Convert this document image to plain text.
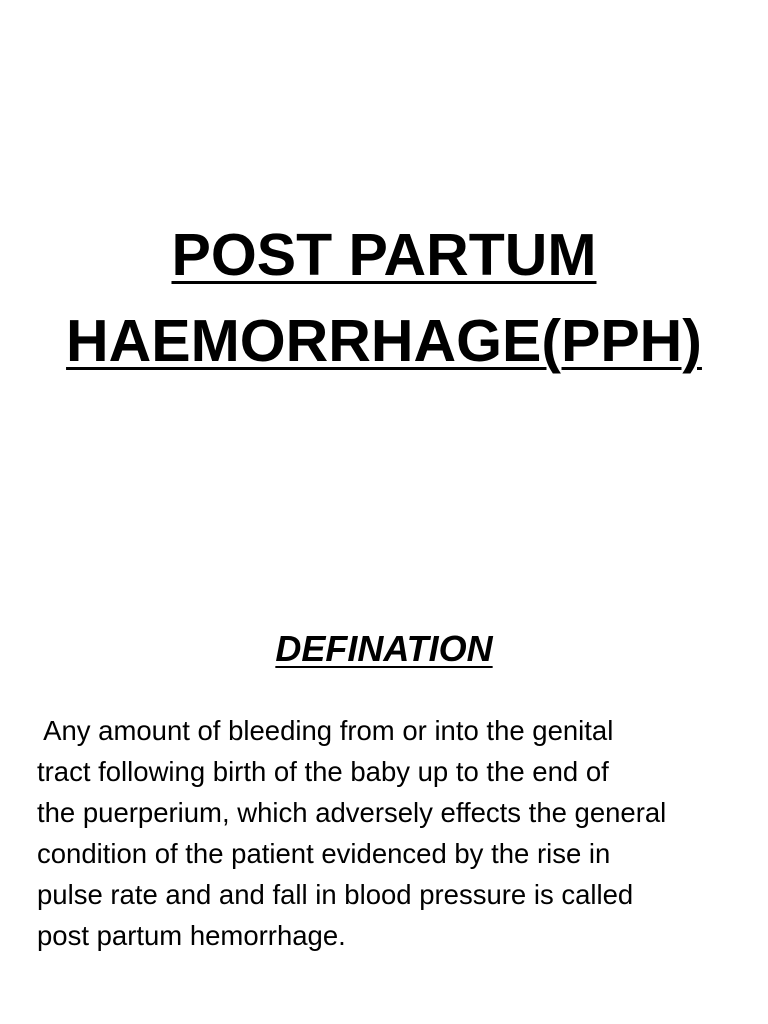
POST PARTUM
HAEMORRHAGE(PPH)
DEFINATION
Any amount of bleeding from or into the genital
tract following birth of the baby up to the end of
the puerperium, which adversely effects the general
condition of the patient evidenced by the rise in
pulse rate and and fall in blood pressure is called
post partum hemorrhage.
